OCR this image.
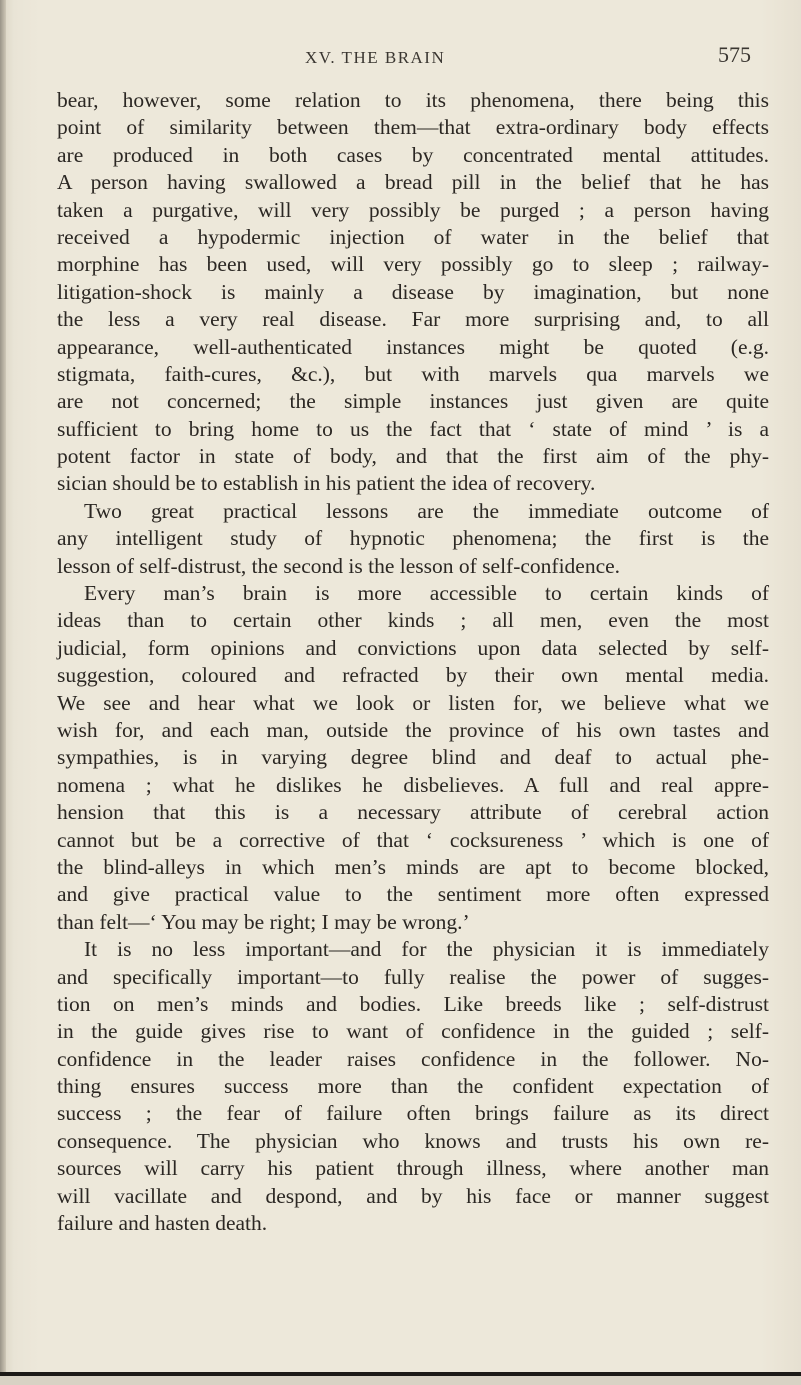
XV. THE BRAIN	575
bear, however, some relation to its phenomena, there being this
point of similarity between them—that extra-ordinary body effects
are produced in both cases by concentrated mental attitudes.
A person having swallowed a bread pill in the belief that he has
taken a purgative, will very possibly be purged ; a person having
received a hypodermic injection of water in the belief that
morphine has been used, will very possibly go to sleep ; railway-
litigation-shock is mainly a disease by imagination, but none
the less a very real disease. Far more surprising and, to all
appearance, well-authenticated instances might be quoted (e.g.
stigmata, faith-cures, &c.), but with marvels qua marvels we
are not concerned; the simple instances just given are quite
sufficient to bring home to us the fact that ‘ state of mind ’ is a
potent factor in state of body, and that the first aim of the phy-
sician should be to establish in his patient the idea of recovery.
Two great practical lessons are the immediate outcome of
any intelligent study of hypnotic phenomena; the first is the
lesson of self-distrust, the second is the lesson of self-confidence.
Every man’s brain is more accessible to certain kinds of
ideas than to certain other kinds ; all men, even the most
judicial, form opinions and convictions upon data selected by self-
suggestion, coloured and refracted by their own mental media.
We see and hear what we look or listen for, we believe what we
wish for, and each man, outside the province of his own tastes and
sympathies, is in varying degree blind and deaf to actual phe-
nomena ; what he dislikes he disbelieves. A full and real appre-
hension that this is a necessary attribute of cerebral action
cannot but be a corrective of that ‘ cocksureness ’ which is one of
the blind-alleys in which men’s minds are apt to become blocked,
and give practical value to the sentiment more often expressed
than felt—‘ You may be right; I may be wrong.’
It is no less important—and for the physician it is immediately
and specifically important—to fully realise the power of sugges-
tion on men’s minds and bodies. Like breeds like ; self-distrust
in the guide gives rise to want of confidence in the guided ; self-
confidence in the leader raises confidence in the follower. No-
thing ensures success more than the confident expectation of
success ; the fear of failure often brings failure as its direct
consequence. The physician who knows and trusts his own re-
sources will carry his patient through illness, where another man
will vacillate and despond, and by his face or manner suggest
failure and hasten death.
